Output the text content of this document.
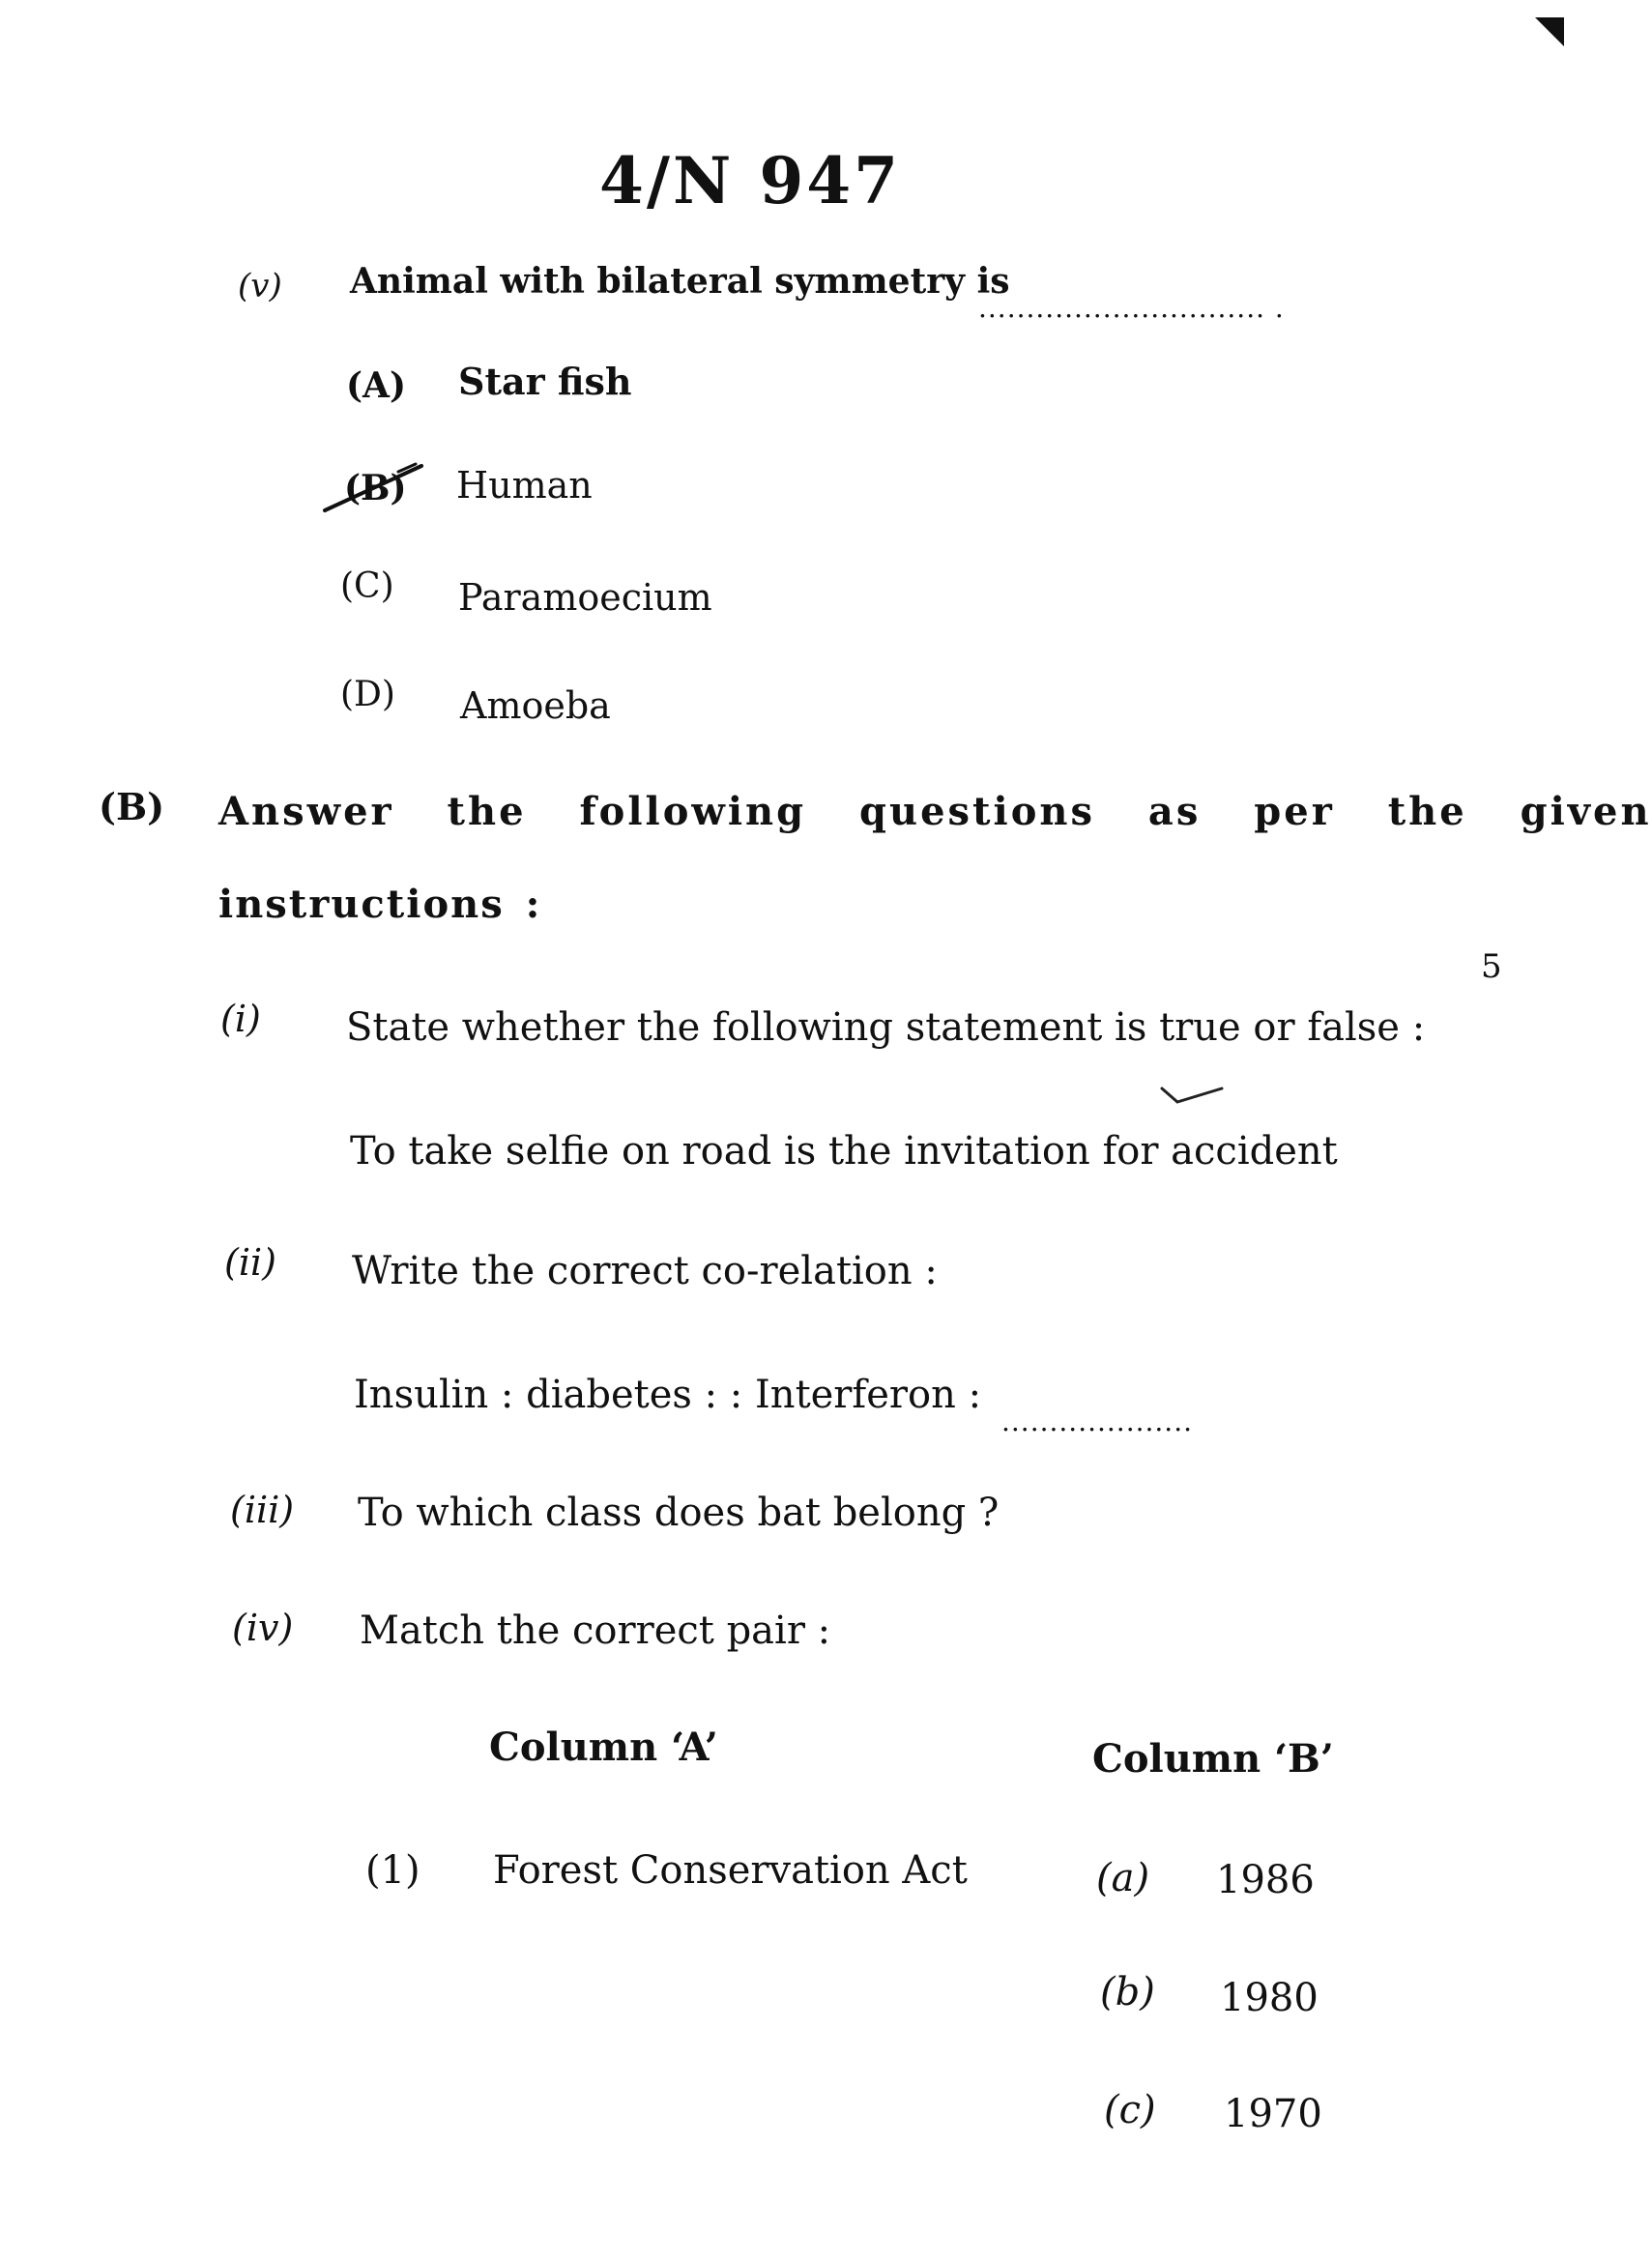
4/N 947
(v) Animal with bilateral symmetry is
.............................. .
(A) Star fish
(B) Human
(C) Paramoecium
(D) Amoeba
(B) Answer the following questions as per the given
instructions :
5
(i) State whether the following statement is true or false :
To take selfie on road is the invitation for accident
(ii) Write the correct co-relation :
Insulin : diabetes : : Interferon :
....................
(iii) To which class does bat belong ?
(iv) Match the correct pair :
Column ‘A’	Column ‘B’
(1) Forest Conservation Act	(a) 1986
(b) 1980
(c) 1970
